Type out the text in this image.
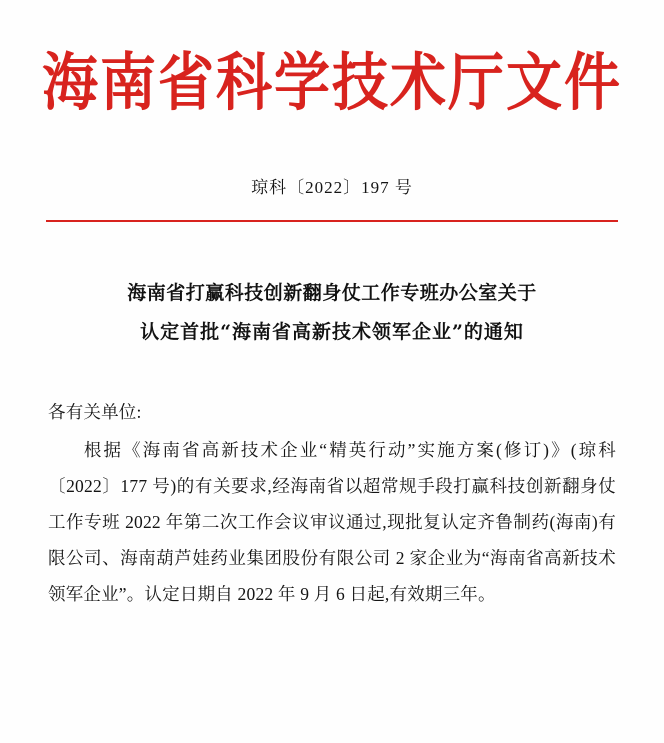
海南省科学技术厅文件
琼科〔2022〕197 号
海南省打赢科技创新翻身仗工作专班办公室关于
认定首批“海南省高新技术领军企业”的通知

各有关单位:

根据《海南省高新技术企业“精英行动”实施方案(修订)》(琼科〔2022〕177 号)的有关要求,经海南省以超常规手段打赢科技创新翻身仗工作专班 2022 年第二次工作会议审议通过,现批复认定齐鲁制药(海南)有限公司、海南葫芦娃药业集团股份有限公司 2 家企业为“海南省高新技术领军企业”。认定日期自 2022 年 9 月 6 日起,有效期三年。
